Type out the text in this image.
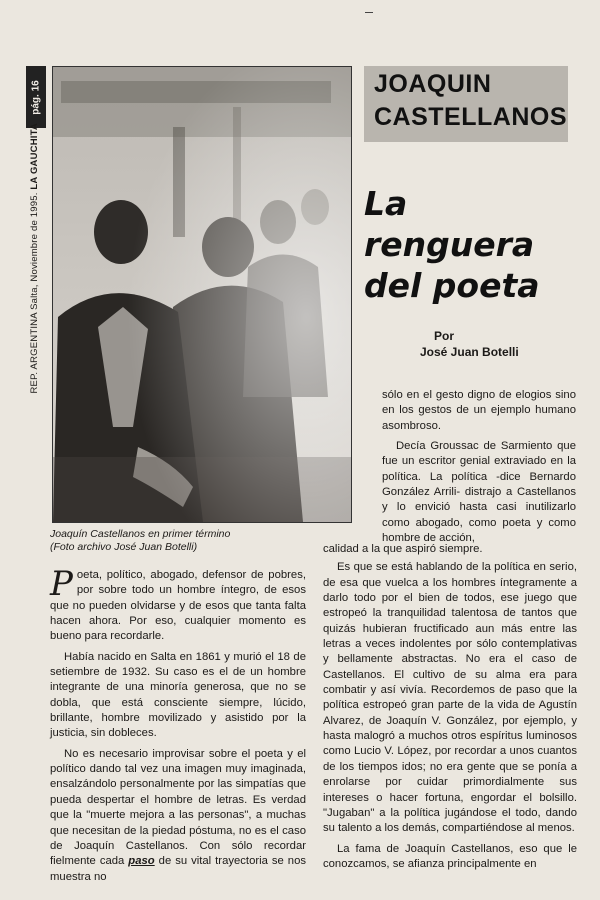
pág. 16
REP. ARGENTINA Salta, Noviembre de 1995. LA GAUCHITA
Joaquín Castellanos en primer término
(Foto archivo José Juan Botelli)
JOAQUIN
CASTELLANOS
La
renguera
del poeta
Por
José Juan Botelli

Poeta, político, abogado, defensor de pobres, por sobre todo un hombre íntegro, de esos que no pueden olvidarse y de esos que tanta falta hacen ahora. Por eso, cualquier momento es bueno para recordarle.

Había nacido en Salta en 1861 y murió el 18 de setiembre de 1932. Su caso es el de un hombre integrante de una minoría generosa, que no se dobla, que está consciente siempre, lúcido, brillante, hombre movilizado y asistido por la justicia, sin dobleces.

No es necesario improvisar sobre el poeta y el político dando tal vez una imagen muy imaginada, ensalzándolo personalmente por las simpatías que pueda despertar el hombre de letras. Es verdad que la "muerte mejora a las personas", a muchas que necesitan de la piedad póstuma, no es el caso de Joaquín Castellanos. Con sólo recordar fielmente cada paso de su vital trayectoria se nos muestra no

sólo en el gesto digno de elogios sino en los gestos de un ejemplo humano asombroso.

Decía Groussac de Sarmiento que fue un escritor genial extraviado en la política. La política -dice Bernardo González Arrili- distrajo a Castellanos y lo envició hasta casi inutilizarlo como abogado, como poeta y como hombre de acción,

calidad a la que aspiró siempre.

Es que se está hablando de la política en serio, de esa que vuelca a los hombres íntegramente a darlo todo por el bien de todos, ese juego que estropeó la tranquilidad talentosa de tantos que quizás hubieran fructificado aun más entre las letras a veces indolentes por sólo contemplativas y bellamente abstractas. No era el caso de Castellanos. El cultivo de su alma era para combatir y así vivía. Recordemos de paso que la política estropeó gran parte de la vida de Agustín Alvarez, de Joaquín V. González, por ejemplo, y hasta malogró a muchos otros espíritus luminosos como Lucio V. López, por recordar a unos cuantos de los tiempos idos; no era gente que se ponía a enrolarse por cuidar primordialmente sus intereses o hacer fortuna, engordar el bolsillo. "Jugaban" a la política jugándose el todo, dando su talento a los demás, compartiéndose al menos.

La fama de Joaquín Castellanos, eso que le conozcamos, se afianza principalmente en
